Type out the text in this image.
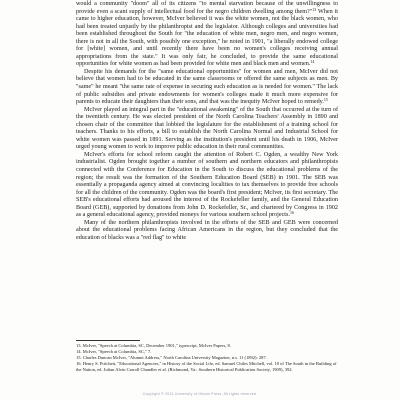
would a community "doom" all of its citizens "to mental starvation because of the unwillingness to provide even a scant supply of intellectual food for the negro children dwelling among them?"$^{13}$ When it came to higher education, however, McIver believed it was the white women, not the black women, who had been treated unjustly by the philanthropist and the legislator. Although colleges and universities had been established throughout the South for "the education of white men, negro men, and negro women, there is not in all the South, with possibly one exception," he noted in 1901, "a liberally endowed college for [white] women, and until recently there have been no women's colleges receiving annual appropriations from the state." It was only fair, he concluded, to provide the same educational opportunities for white women as had been provided for white men and black men and women.$^{14}$

Despite his demands for the "same educational opportunities" for women and men, McIver did not believe that women had to be educated in the same classrooms or offered the same subjects as men. By "same" he meant "the same rate of expense in securing such education as is needed for women." The lack of public subsidies and private endowments for women's colleges made it much more expensive for parents to educate their daughters than their sons, and that was the inequity McIver hoped to remedy.$^{15}$

McIver played an integral part in the "educational awakening" of the South that occurred at the turn of the twentieth century. He was elected president of the North Carolina Teachers' Assembly in 1890 and chosen chair of the committee that lobbied the legislature for the establishment of a training school for teachers. Thanks to his efforts, a bill to establish the North Carolina Normal and Industrial School for white women was passed in 1891. Serving as the institution's president until his death in 1906, McIver urged young women to work to improve public education in their rural communities.

McIver's efforts for school reform caught the attention of Robert C. Ogden, a wealthy New York industrialist. Ogden brought together a number of southern and northern educators and philanthropists connected with the Conference for Education in the South to discuss the educational problems of the region; the result was the formation of the Southern Education Board (SEB) in 1901. The SEB was essentially a propaganda agency aimed at convincing localities to tax themselves to provide free schools for all the children of the community. Ogden was the board's first president; McIver, its first secretary. The SEB's educational efforts had aroused the interest of the Rockefeller family, and the General Education Board (GEB), supported by donations from John D. Rockefeller, Sr., and chartered by Congress in 1902 as a general educational agency, provided moneys for various southern school projects.$^{16}$

Many of the northern philanthropists involved in the efforts of the SEB and GEB were concerned about the educational problems facing African Americans in the region, but they concluded that the education of blacks was a "red flag" to white

13. McIver, "Speech at Columbia, SC, December 1901," typescript, McIver Papers, 8.

14. McIver, "Speech at Columbia, SC," 7.

15. Charles Duncan McIver, "Alumni Address," North Carolina University Magazine, n.s. 11 (1892): 287.

16. Henry S. Pritchett, "Educational Agencies," in History of the Social Life, ed. Samuel Chiles Mitchell, vol. 10 of The South in the Building of the Nation, ed. Julian Alvin Carroll Chandler et al. (Richmond, Va.: Southern Historical Publication Society, 1909), 392.

Copyright © 2011 University of Illinois Press. All rights reserved.
